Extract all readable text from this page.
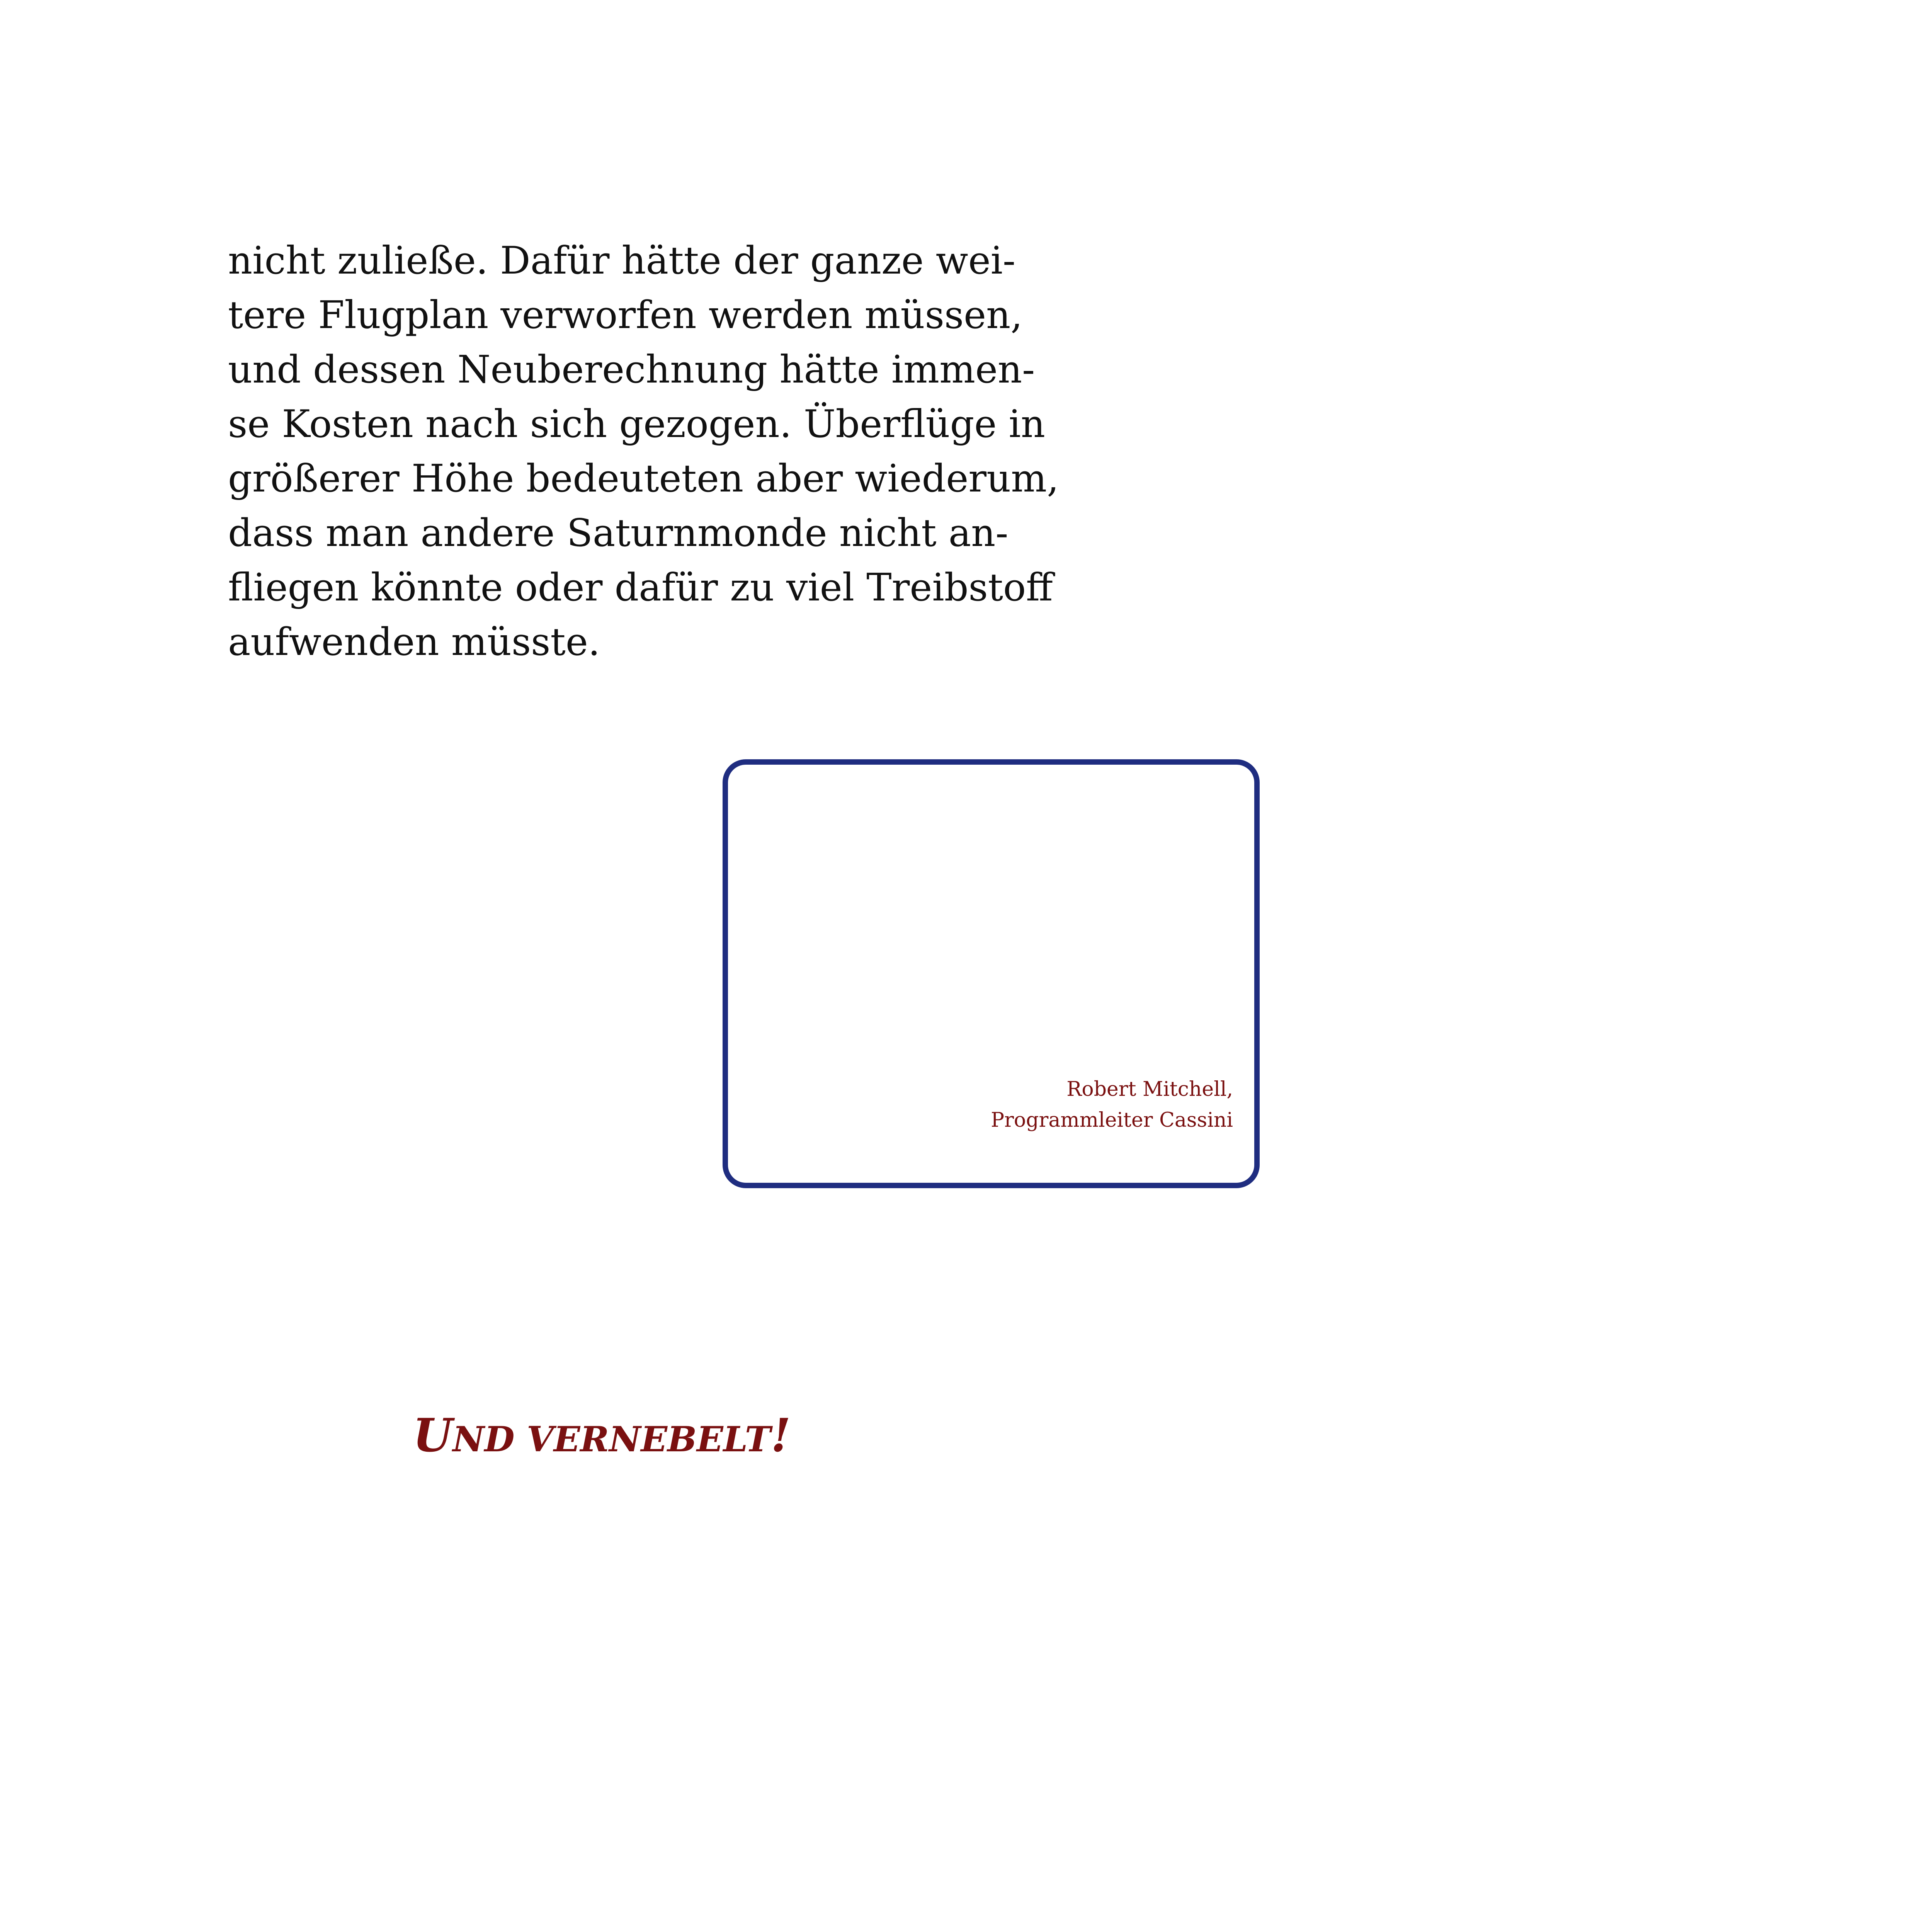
UND VERNEBELT!
Robert Mitchell,
Programmleiter Cassini
nicht zuließe. Dafür hätte der ganze wei-
tere Flugplan verworfen werden müssen,
und dessen Neuberechnung hätte immen-
se Kosten nach sich gezogen. Überflüge in
größerer Höhe bedeuteten aber wiederum,
dass man andere Saturnmonde nicht an-
fliegen könnte oder dafür zu viel Treibstoff
aufwenden müsste.
